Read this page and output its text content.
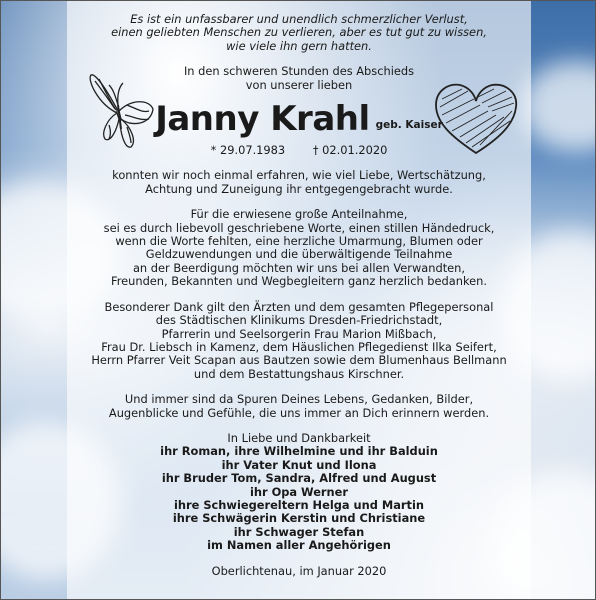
Es ist ein unfassbarer und unendlich schmerzlicher Verlust,
einen geliebten Menschen zu verlieren, aber es tut gut zu wissen,
wie viele ihn gern hatten.
In den schweren Stunden des Abschieds
von unserer lieben
Janny Krahl geb. Kaiser
* 29.07.1983 † 02.01.2020
konnten wir noch einmal erfahren, wie viel Liebe, Wertschätzung,
Achtung und Zuneigung ihr entgegengebracht wurde.
Für die erwiesene große Anteilnahme,
sei es durch liebevoll geschriebene Worte, einen stillen Händedruck,
wenn die Worte fehlten, eine herzliche Umarmung, Blumen oder
Geldzuwendungen und die überwältigende Teilnahme
an der Beerdigung möchten wir uns bei allen Verwandten,
Freunden, Bekannten und Wegbegleitern ganz herzlich bedanken.
Besonderer Dank gilt den Ärzten und dem gesamten Pflegepersonal
des Städtischen Klinikums Dresden-Friedrichstadt,
Pfarrerin und Seelsorgerin Frau Marion Mißbach,
Frau Dr. Liebsch in Kamenz, dem Häuslichen Pflegedienst Ilka Seifert,
Herrn Pfarrer Veit Scapan aus Bautzen sowie dem Blumenhaus Bellmann
und dem Bestattungshaus Kirschner.
Und immer sind da Spuren Deines Lebens, Gedanken, Bilder,
Augenblicke und Gefühle, die uns immer an Dich erinnern werden.
In Liebe und Dankbarkeit
ihr Roman, ihre Wilhelmine und ihr Balduin
ihr Vater Knut und Ilona
ihr Bruder Tom, Sandra, Alfred und August
ihr Opa Werner
ihre Schwiegereltern Helga und Martin
ihre Schwägerin Kerstin und Christiane
ihr Schwager Stefan
im Namen aller Angehörigen
Oberlichtenau, im Januar 2020
